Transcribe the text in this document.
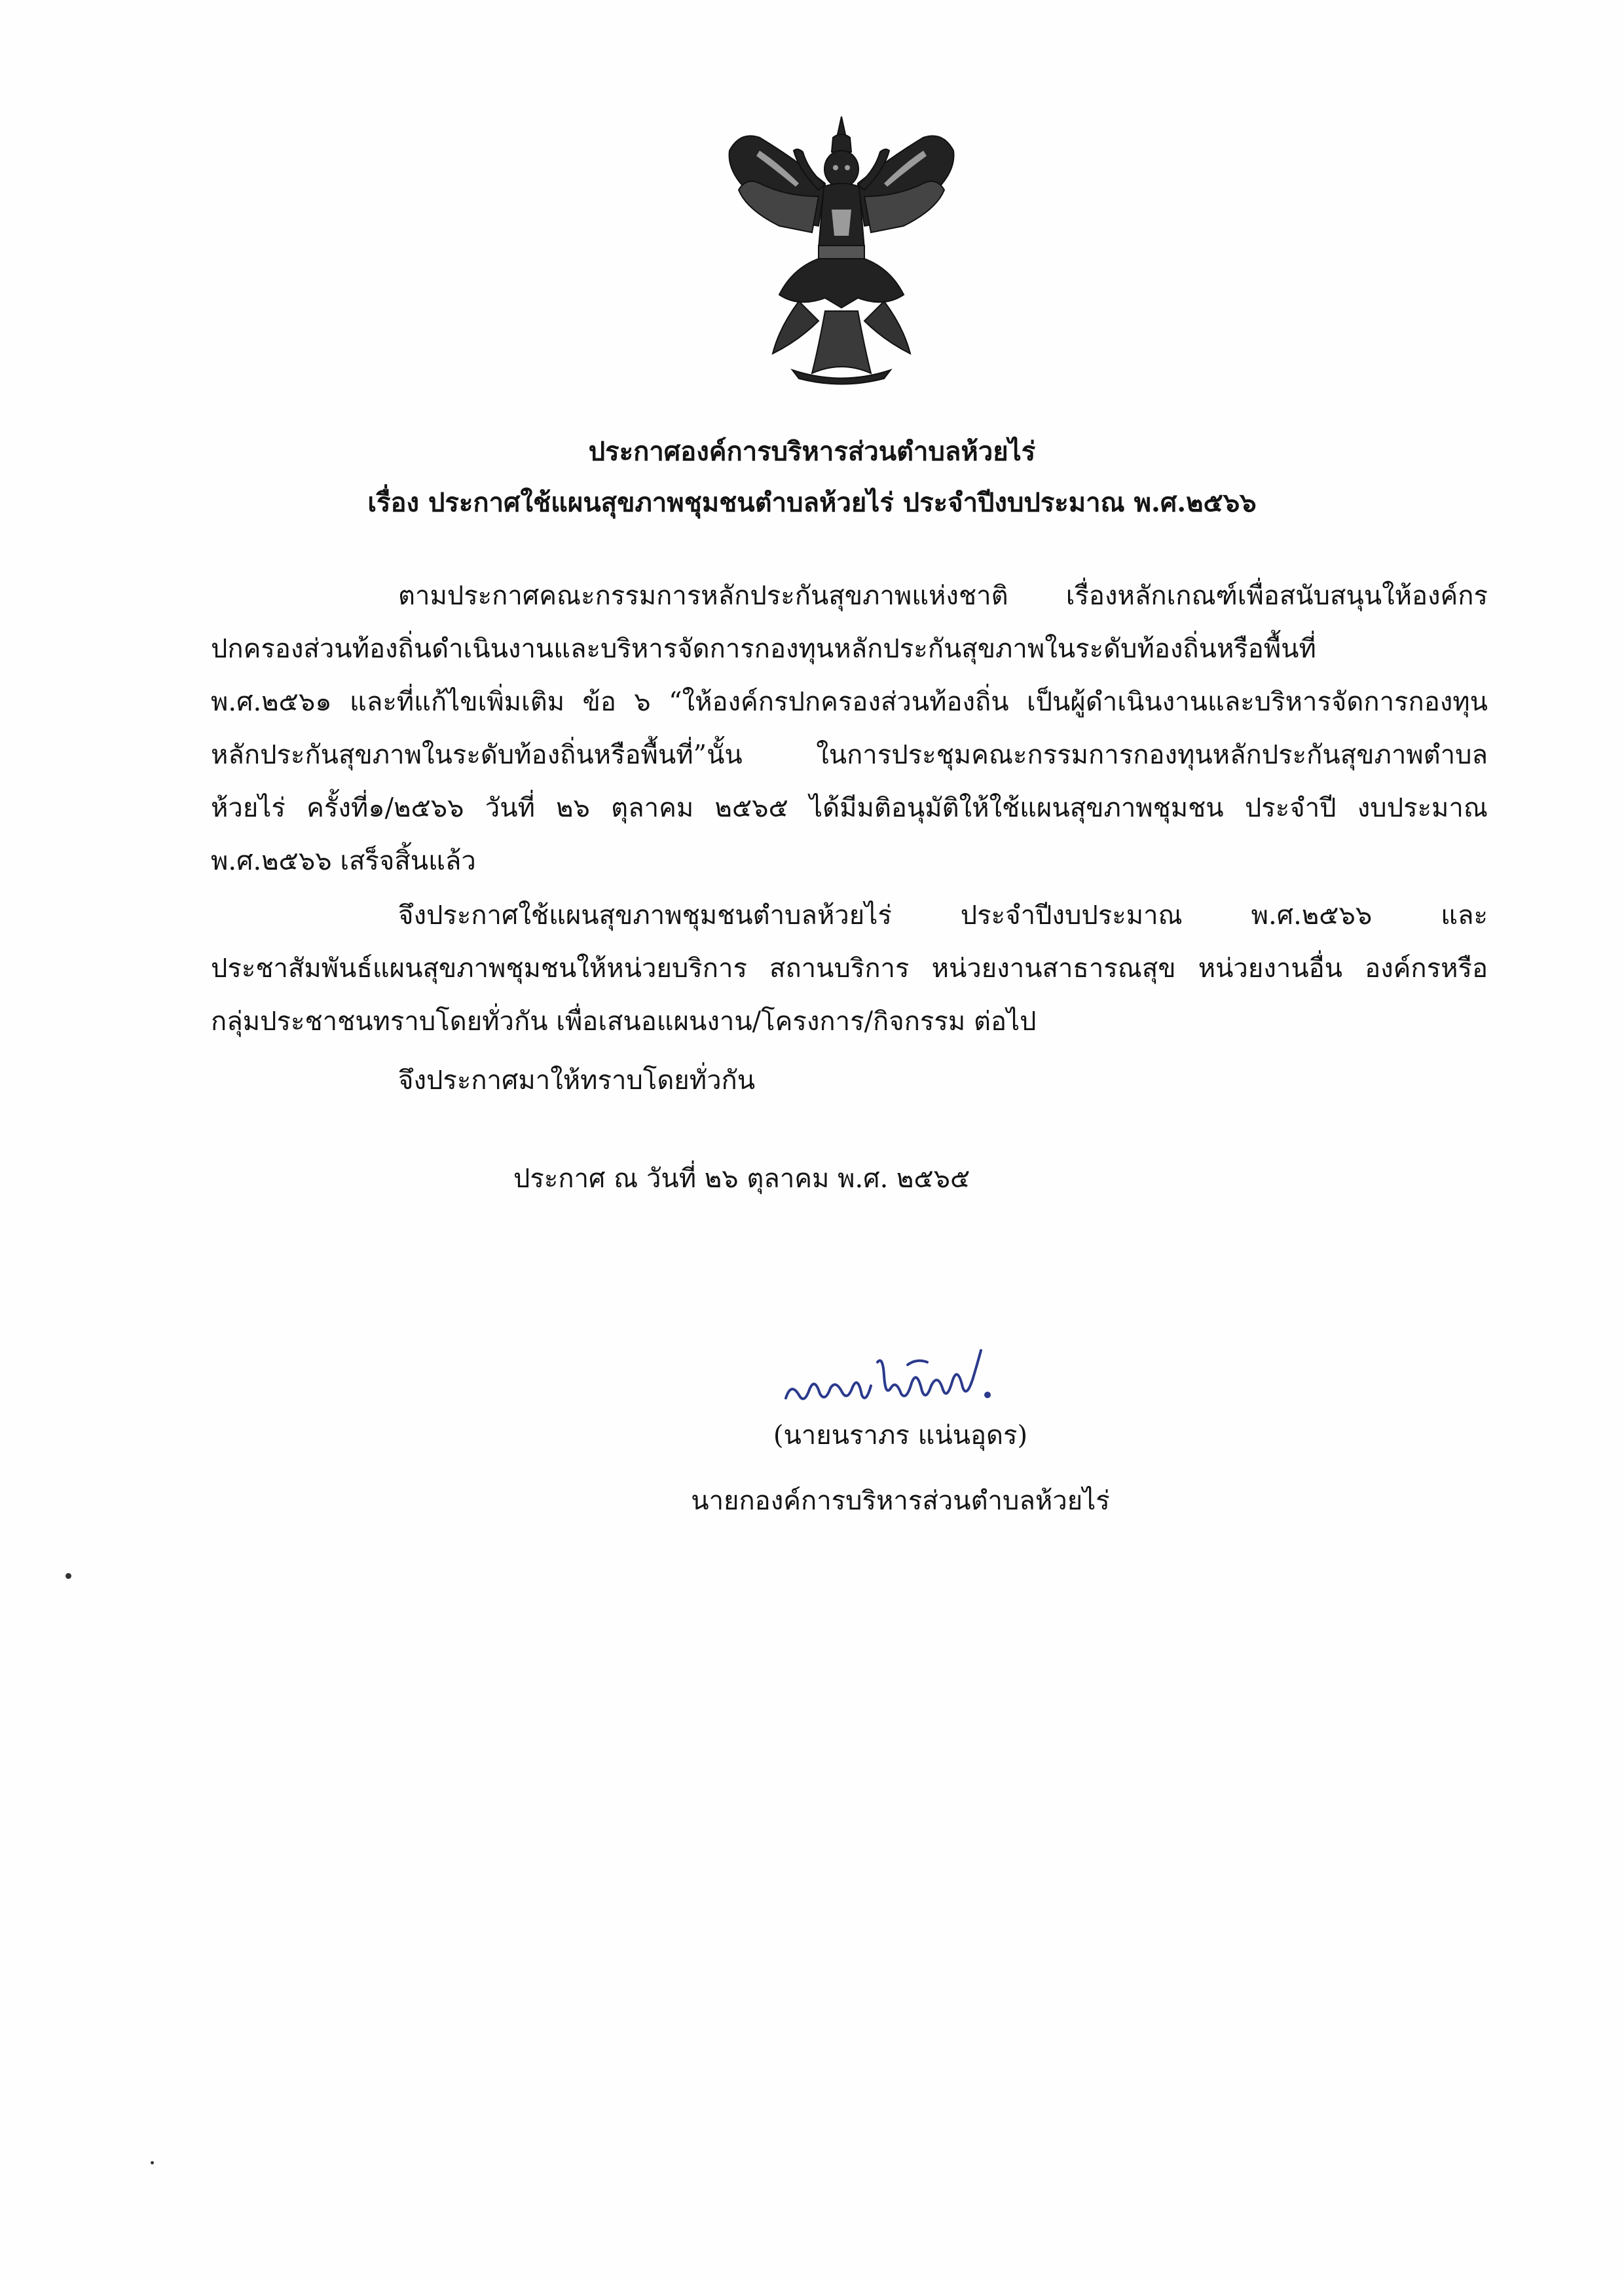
ประกาศองค์การบริหารส่วนตำบลห้วยไร่
เรื่อง ประกาศใช้แผนสุขภาพชุมชนตำบลห้วยไร่ ประจำปีงบประมาณ พ.ศ.๒๕๖๖
ตามประกาศคณะกรรมการหลักประกันสุขภาพแห่งชาติ เรื่องหลักเกณฑ์เพื่อสนับสนุนให้องค์กร
ปกครองส่วนท้องถิ่นดำเนินงานและบริหารจัดการกองทุนหลักประกันสุขภาพในระดับท้องถิ่นหรือพื้นที่
พ.ศ.๒๕๖๑ และที่แก้ไขเพิ่มเติม ข้อ ๖ “ให้องค์กรปกครองส่วนท้องถิ่น เป็นผู้ดำเนินงานและบริหารจัดการกองทุน
หลักประกันสุขภาพในระดับท้องถิ่นหรือพื้นที่”นั้น ในการประชุมคณะกรรมการกองทุนหลักประกันสุขภาพตำบล
ห้วยไร่ ครั้งที่๑/๒๕๖๖ วันที่ ๒๖ ตุลาคม ๒๕๖๕ ได้มีมติอนุมัติให้ใช้แผนสุขภาพชุมชน ประจำปี งบประมาณ
พ.ศ.๒๕๖๖ เสร็จสิ้นแล้ว
จึงประกาศใช้แผนสุขภาพชุมชนตำบลห้วยไร่ ประจำปีงบประมาณ พ.ศ.๒๕๖๖ และ
ประชาสัมพันธ์แผนสุขภาพชุมชนให้หน่วยบริการ สถานบริการ หน่วยงานสาธารณสุข หน่วยงานอื่น องค์กรหรือ
กลุ่มประชาชนทราบโดยทั่วกัน เพื่อเสนอแผนงาน/โครงการ/กิจกรรม ต่อไป
จึงประกาศมาให้ทราบโดยทั่วกัน
ประกาศ ณ วันที่ ๒๖ ตุลาคม พ.ศ. ๒๕๖๕
(นายนราภร แน่นอุดร)
นายกองค์การบริหารส่วนตำบลห้วยไร่
